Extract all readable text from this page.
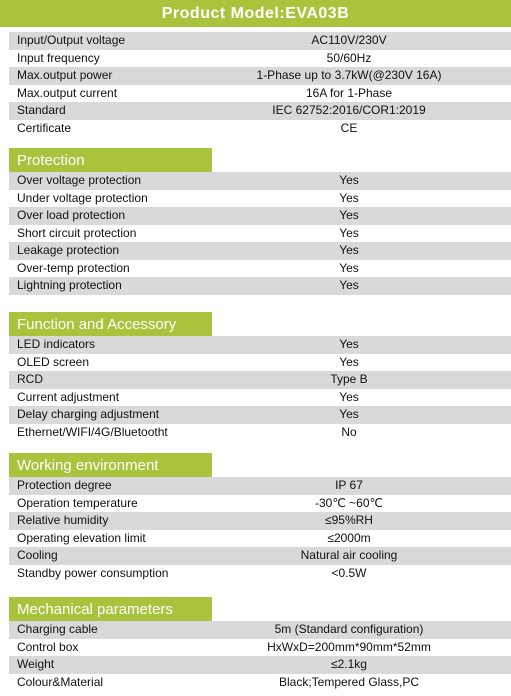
Product Model:EVA03B
Input/Output voltage	AC110V/230V
Input frequency	50/60Hz
Max.output power	1-Phase up to 3.7kW(@230V 16A)
Max.output current	16A for 1-Phase
Standard	IEC 62752:2016/COR1:2019
Certificate	CE
Protection
Over voltage protection	Yes
Under voltage protection	Yes
Over load protection	Yes
Short circuit protection	Yes
Leakage protection	Yes
Over-temp protection	Yes
Lightning protection	Yes
Function and Accessory
LED indicators	Yes
OLED screen	Yes
RCD	Type B
Current adjustment	Yes
Delay charging adjustment	Yes
Ethernet/WIFI/4G/Bluetootht	No
Working environment
Protection degree	IP 67
Operation temperature	-30℃ ~60℃
Relative humidity	≤95%RH
Operating elevation limit	≤2000m
Cooling	Natural air cooling
Standby power consumption	<0.5W
Mechanical parameters
Charging cable	5m (Standard configuration)
Control box	HxWxD=200mm*90mm*52mm
Weight	≤2.1kg
Colour&Material	Black;Tempered Glass,PC
